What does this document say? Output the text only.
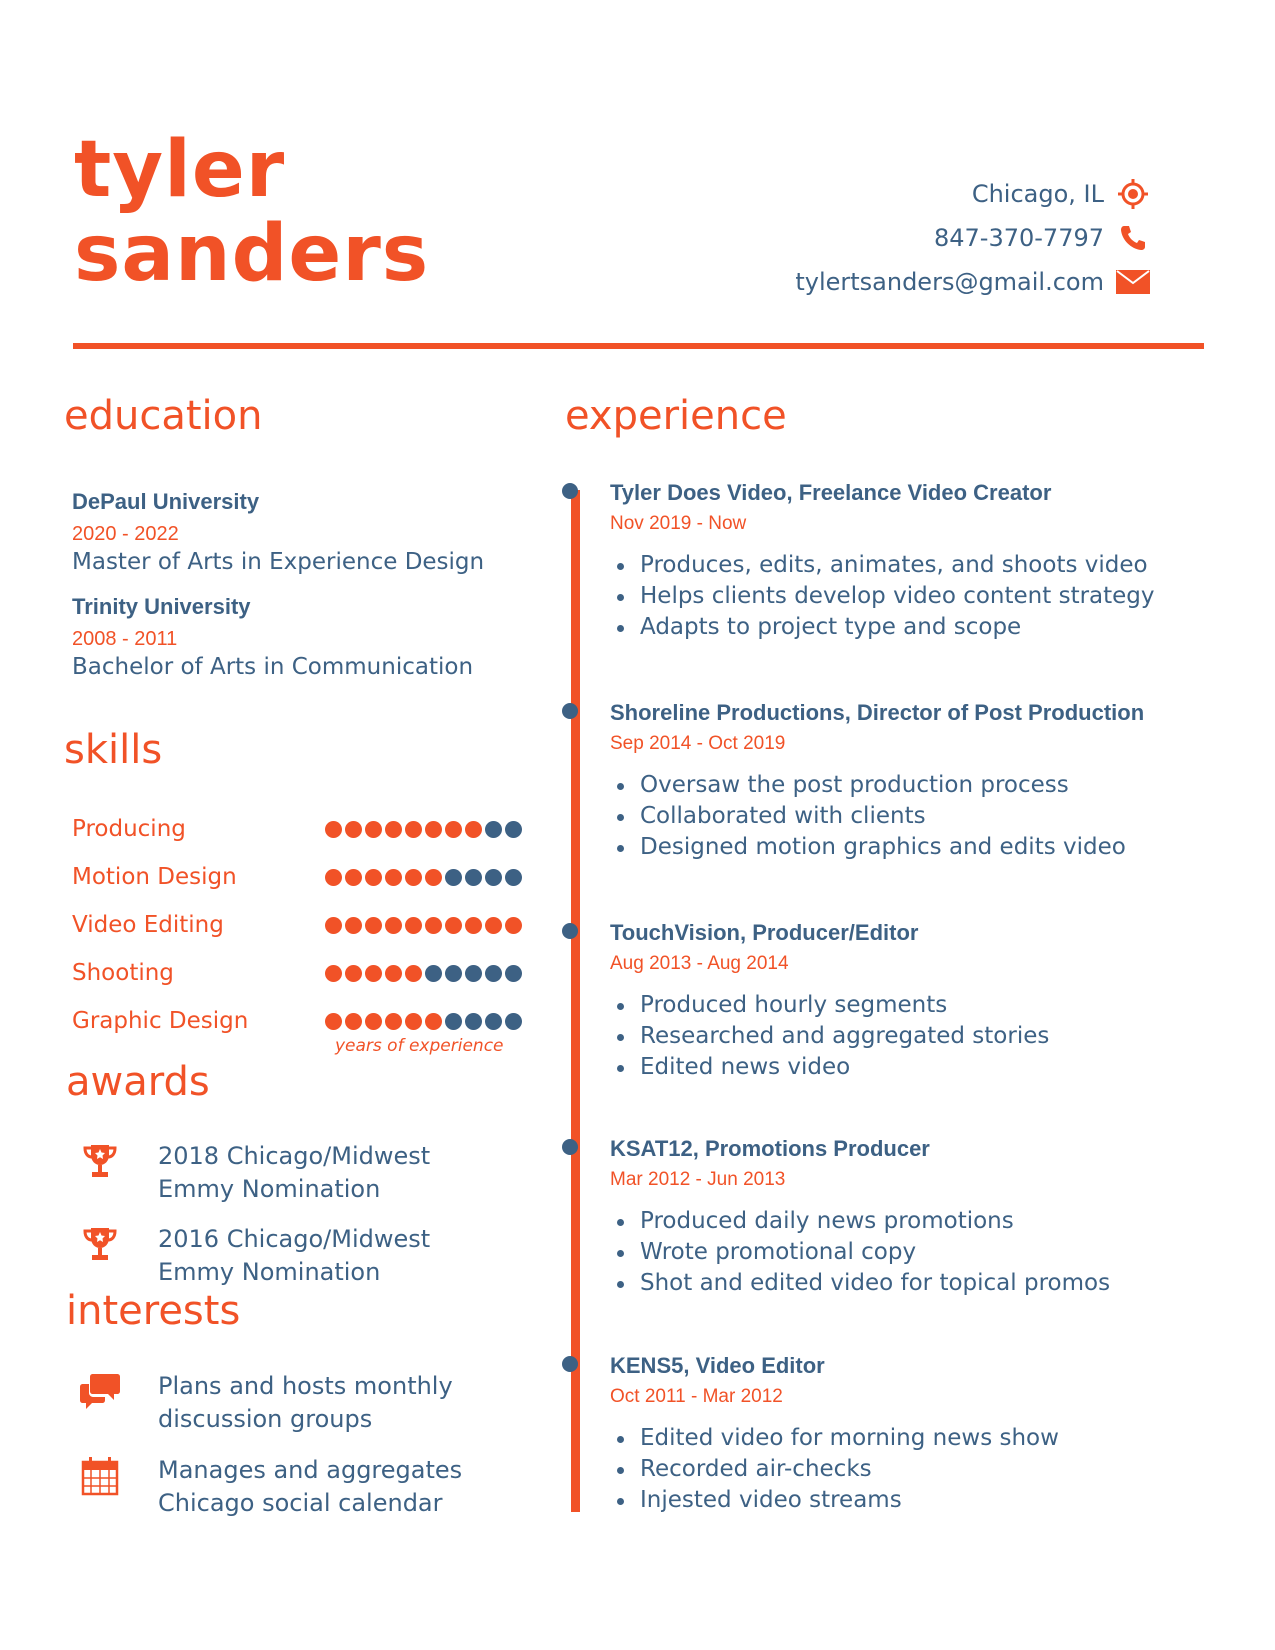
tyler
sanders
Chicago, IL
847-370-7797
tylertsanders@gmail.com
education
DePaul University
2020 - 2022
Master of Arts in Experience Design
Trinity University
2008 - 2011
Bachelor of Arts in Communication
skills
Producing
Motion Design
Video Editing
Shooting
Graphic Design
years of experience
awards
2018 Chicago/Midwest
Emmy Nomination
2016 Chicago/Midwest
Emmy Nomination
interests
Plans and hosts monthly
discussion groups
Manages and aggregates
Chicago social calendar
experience
Tyler Does Video, Freelance Video Creator
Nov 2019 - Now
Produces, edits, animates, and shoots video
Helps clients develop video content strategy
Adapts to project type and scope
Shoreline Productions, Director of Post Production
Sep 2014 - Oct 2019
Oversaw the post production process
Collaborated with clients
Designed motion graphics and edits video
TouchVision, Producer/Editor
Aug 2013 - Aug 2014
Produced hourly segments
Researched and aggregated stories
Edited news video
KSAT12, Promotions Producer
Mar 2012 - Jun 2013
Produced daily news promotions
Wrote promotional copy
Shot and edited video for topical promos
KENS5, Video Editor
Oct 2011 - Mar 2012
Edited video for morning news show
Recorded air-checks
Injested video streams
